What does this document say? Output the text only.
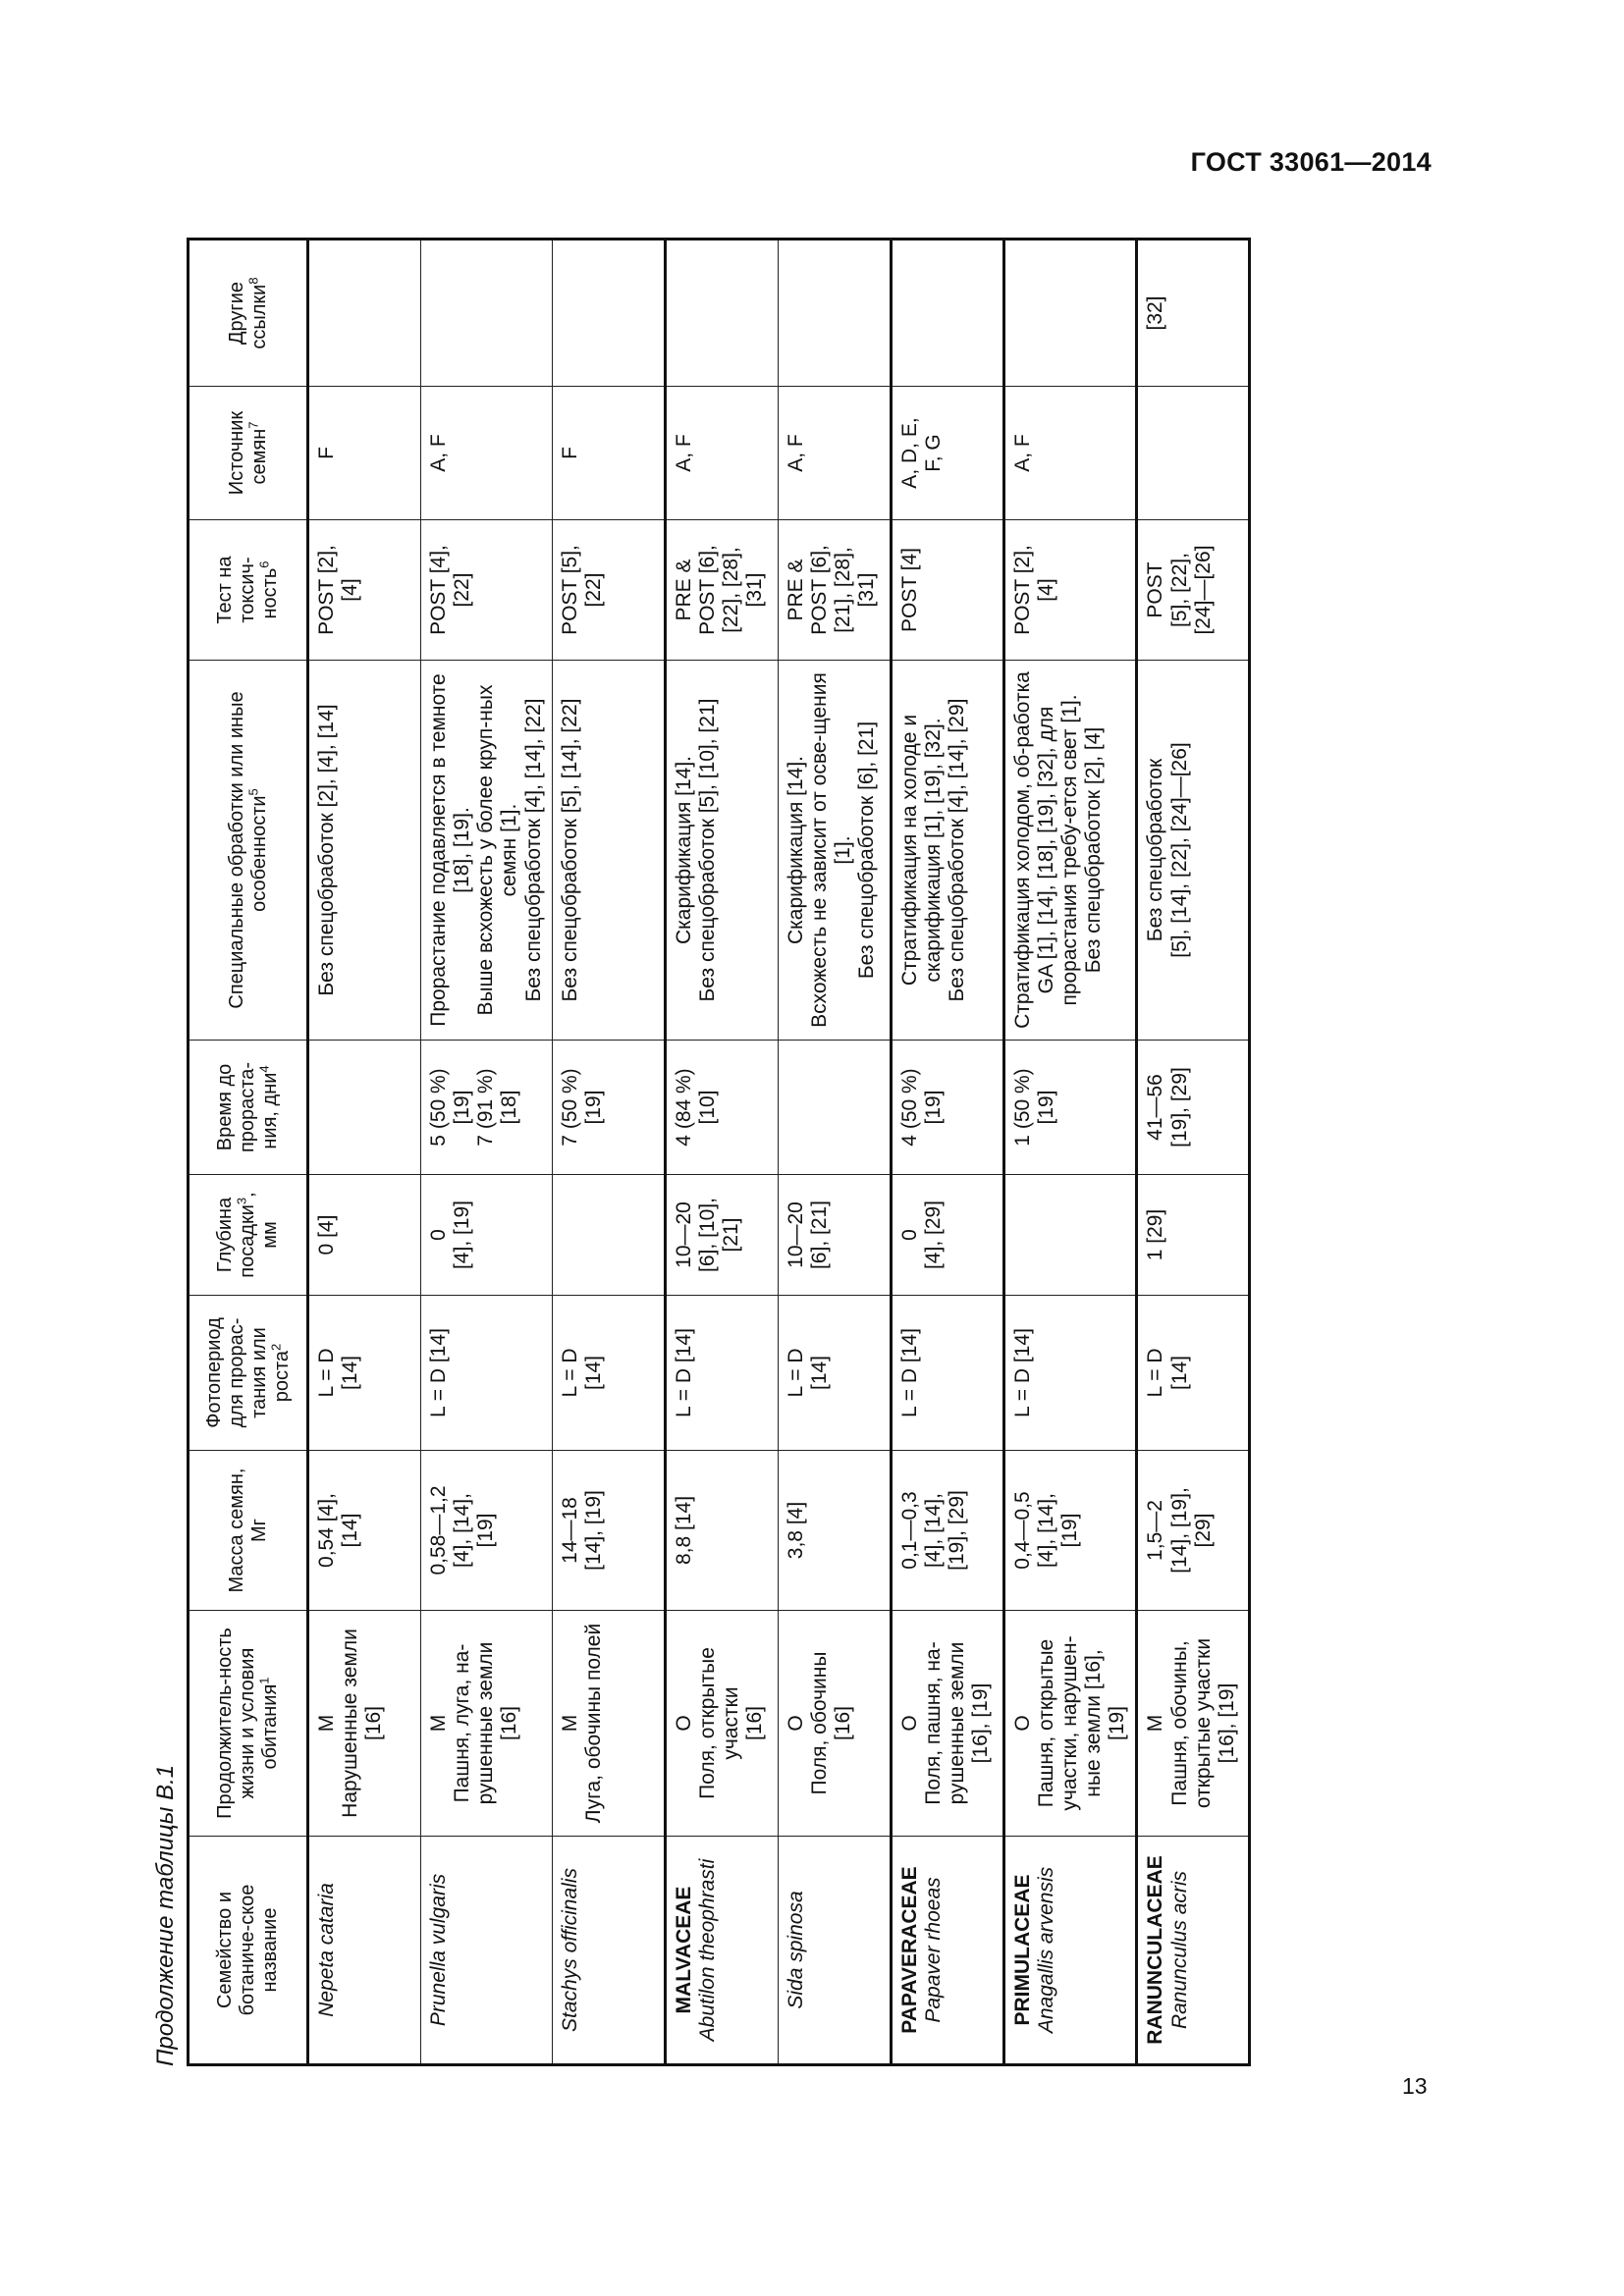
ГОСТ 33061—2014
13
Продолжение таблицы В.1	Семейство и ботаниче-ское название	Продолжитель-ность жизни и условия обитания$^1$	Масса семян, Мг	Фотопериод для прорас-тания или роста$^2$	Глубина посадки$^3$, мм	Время до прораста-ния, дни$^4$	Специальные обработки или иные особенности$^5$	Тест на токсич-ность$^6$	Источник семян$^7$	Другие ссылки$^8$

Nepeta cataria	М Нарушенные земли [16]	0,54 [4], [14]	L = D [14]	0 [4]		Без спецобработок [2], [4], [14]	POST [2], [4]	F	

Prunella vulgaris	М Пашня, луга, на-рушенные земли [16]	0,58—1,2 [4], [14], [19]	L = D [14]	0 [4], [19]	5 (50 %) [19] 7 (91 %) [18]	Прорастание подавляется в темноте [18], [19]. Выше всхожесть у более круп-ных семян [1]. Без спецобработок [4], [14], [22]	POST [4], [22]	A, F	

Stachys officinalis	М Луга, обочины полей	14—18 [14], [19]	L = D [14]		7 (50 %) [19]	Без спецобработок [5], [14], [22]	POST [5], [22]	F	

MALVACEAE Abutilon theophrasti	О Поля, открытые участки [16]	8,8 [14]	L = D [14]	10—20 [6], [10], [21]	4 (84 %) [10]	Скарификация [14]. Без спецобработок [5], [10], [21]	PRE & POST [6], [22], [28], [31]	A, F	

Sida spinosa	О Поля, обочины [16]	3,8 [4]	L = D [14]	10—20 [6], [21]		Скарификация [14]. Всхожесть не зависит от осве-щения [1]. Без спецобработок [6], [21]	PRE & POST [6], [21], [28], [31]	A, F	

PAPAVERACEAE Papaver rhoeas	О Поля, пашня, на-рушенные земли [16], [19]	0,1—0,3 [4], [14], [19], [29]	L = D [14]	0 [4], [29]	4 (50 %) [19]	Стратификация на холоде и скарификация [1], [19], [32]. Без спецобработок [4], [14], [29]	POST [4]	A, D, E, F, G	

PRIMULACEAE Anagallis arvensis	О Пашня, открытые участки, нарушен-ные земли [16], [19]	0,4—0,5 [4], [14], [19]	L = D [14]		1 (50 %) [19]	Стратификация холодом, об-работка GA [1], [14], [18], [19], [32], для прорастания требу-ется свет [1]. Без спецобработок [2], [4]	POST [2], [4]	A, F	

RANUNCULACEAE Ranunculus acris	М Пашня, обочины, открытые участки [16], [19]	1,5—2 [14], [19], [29]	L = D [14]	1 [29]	41—56 [19], [29]	Без спецобработок [5], [14], [22], [24]—[26]	POST [5], [22], [24]—[26]		[32]
